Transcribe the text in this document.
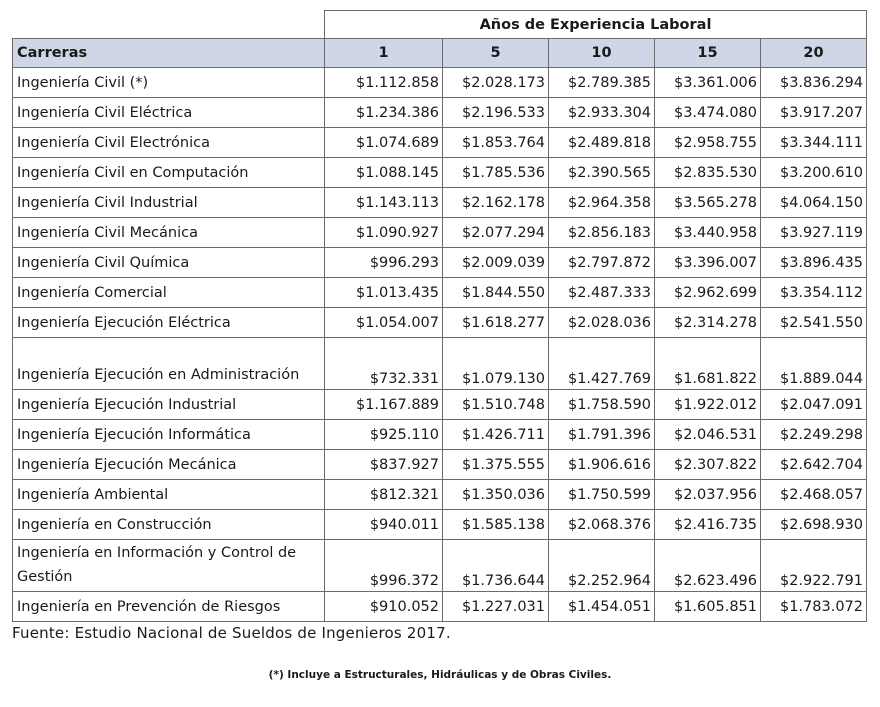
	Años de Experiencia Laboral				
Carreras	1	5	10	15	20
Ingeniería Civil (*)	$1.112.858	$2.028.173	$2.789.385	$3.361.006	$3.836.294
Ingeniería Civil Eléctrica	$1.234.386	$2.196.533	$2.933.304	$3.474.080	$3.917.207
Ingeniería Civil Electrónica	$1.074.689	$1.853.764	$2.489.818	$2.958.755	$3.344.111
Ingeniería Civil en Computación	$1.088.145	$1.785.536	$2.390.565	$2.835.530	$3.200.610
Ingeniería Civil Industrial	$1.143.113	$2.162.178	$2.964.358	$3.565.278	$4.064.150
Ingeniería Civil Mecánica	$1.090.927	$2.077.294	$2.856.183	$3.440.958	$3.927.119
Ingeniería Civil Química	$996.293	$2.009.039	$2.797.872	$3.396.007	$3.896.435
Ingeniería Comercial	$1.013.435	$1.844.550	$2.487.333	$2.962.699	$3.354.112
Ingeniería Ejecución Eléctrica	$1.054.007	$1.618.277	$2.028.036	$2.314.278	$2.541.550
Ingeniería Ejecución en Administración	$732.331	$1.079.130	$1.427.769	$1.681.822	$1.889.044
Ingeniería Ejecución Industrial	$1.167.889	$1.510.748	$1.758.590	$1.922.012	$2.047.091
Ingeniería Ejecución Informática	$925.110	$1.426.711	$1.791.396	$2.046.531	$2.249.298
Ingeniería Ejecución Mecánica	$837.927	$1.375.555	$1.906.616	$2.307.822	$2.642.704
Ingeniería Ambiental	$812.321	$1.350.036	$1.750.599	$2.037.956	$2.468.057
Ingeniería en Construcción	$940.011	$1.585.138	$2.068.376	$2.416.735	$2.698.930
Ingeniería en Información y Control de Gestión	$996.372	$1.736.644	$2.252.964	$2.623.496	$2.922.791
Ingeniería en Prevención de Riesgos	$910.052	$1.227.031	$1.454.051	$1.605.851	$1.783.072
Fuente: Estudio Nacional de Sueldos de Ingenieros 2017.
(*) Incluye a Estructurales, Hidráulicas y de Obras Civiles.
